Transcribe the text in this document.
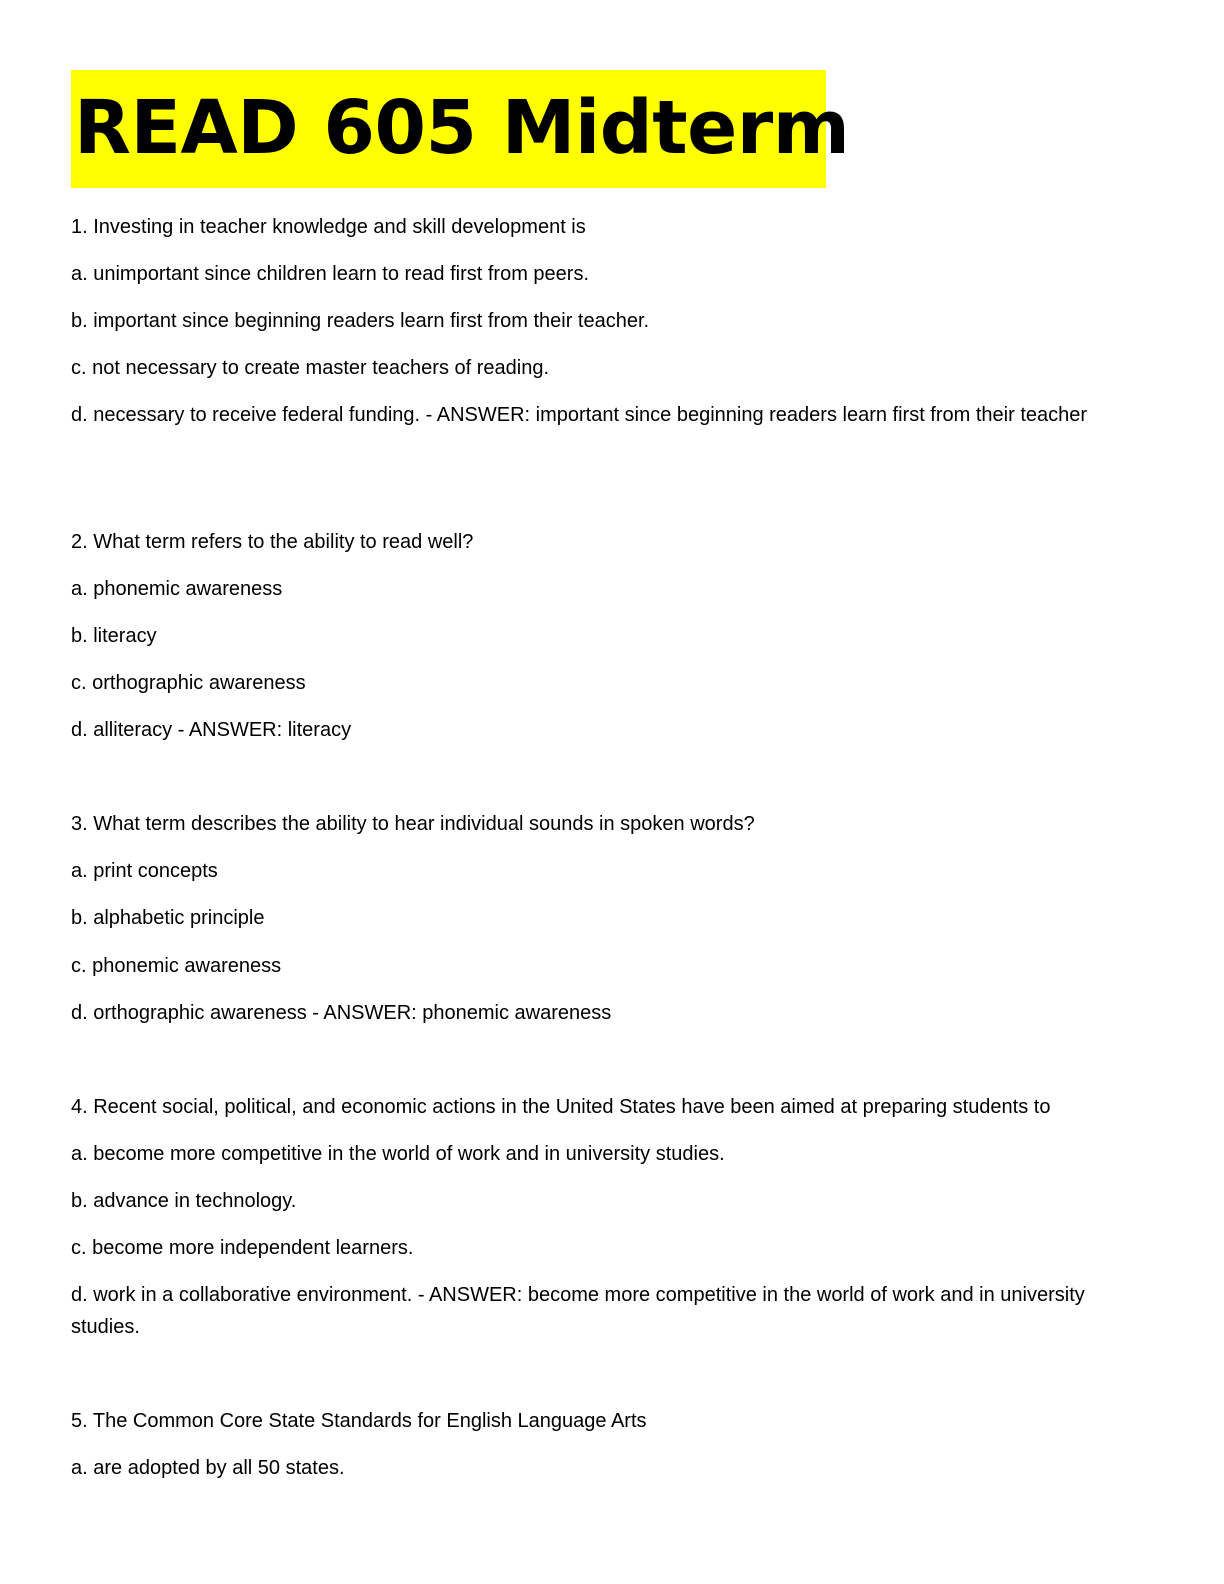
READ 605 Midterm
1. Investing in teacher knowledge and skill development is
a. unimportant since children learn to read first from peers.
b. important since beginning readers learn first from their teacher.
c. not necessary to create master teachers of reading.
d. necessary to receive federal funding. - ANSWER: important since beginning readers learn first from their teacher
2. What term refers to the ability to read well?
a. phonemic awareness
b. literacy
c. orthographic awareness
d. alliteracy - ANSWER: literacy
3. What term describes the ability to hear individual sounds in spoken words?
a. print concepts
b. alphabetic principle
c. phonemic awareness
d. orthographic awareness - ANSWER: phonemic awareness
4. Recent social, political, and economic actions in the United States have been aimed at preparing students to
a. become more competitive in the world of work and in university studies.
b. advance in technology.
c. become more independent learners.
d. work in a collaborative environment. - ANSWER: become more competitive in the world of work and in university studies.
5. The Common Core State Standards for English Language Arts
a. are adopted by all 50 states.
